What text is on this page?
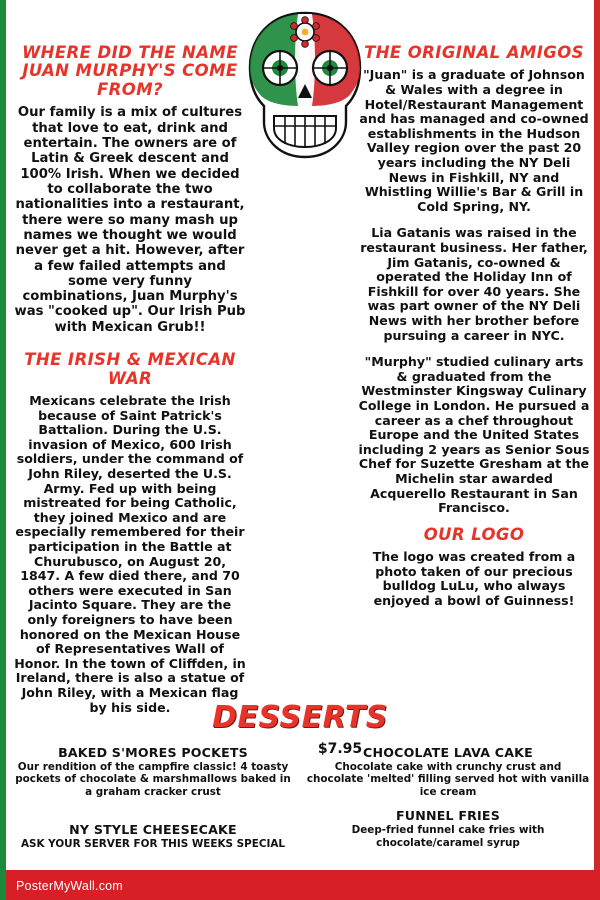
WHERE DID THE NAME JUAN MURPHY'S COME FROM?
Our family is a mix of cultures that love to eat, drink and entertain. The owners are of Latin & Greek descent and 100% Irish. When we decided to collaborate the two nationalities into a restaurant, there were so many mash up names we thought we would never get a hit. However, after a few failed attempts and some very funny combinations, Juan Murphy's was "cooked up". Our Irish Pub with Mexican Grub!!
THE IRISH & MEXICAN WAR
Mexicans celebrate the Irish because of Saint Patrick's Battalion. During the U.S. invasion of Mexico, 600 Irish soldiers, under the command of John Riley, deserted the U.S. Army. Fed up with being mistreated for being Catholic, they joined Mexico and are especially remembered for their participation in the Battle at Churubusco, on August 20, 1847. A few died there, and 70 others were executed in San Jacinto Square. They are the only foreigners to have been honored on the Mexican House of Representatives Wall of Honor. In the town of Cliffden, in Ireland, there is also a statue of John Riley, with a Mexican flag by his side.
THE ORIGINAL AMIGOS
"Juan" is a graduate of Johnson & Wales with a degree in Hotel/Restaurant Management and has managed and co-owned establishments in the Hudson Valley region over the past 20 years including the NY Deli News in Fishkill, NY and Whistling Willie's Bar & Grill in Cold Spring, NY.
Lia Gatanis was raised in the restaurant business. Her father, Jim Gatanis, co-owned & operated the Holiday Inn of Fishkill for over 40 years. She was part owner of the NY Deli News with her brother before pursuing a career in NYC.
"Murphy" studied culinary arts & graduated from the Westminster Kingsway Culinary College in London. He pursued a career as a chef throughout Europe and the United States including 2 years as Senior Sous Chef for Suzette Gresham at the Michelin star awarded Acquerello Restaurant in San Francisco.
OUR LOGO
The logo was created from a photo taken of our precious bulldog LuLu, who always enjoyed a bowl of Guinness!
DESSERTS
$7.95
BAKED S'MORES POCKETS
Our rendition of the campfire classic! 4 toasty pockets of chocolate & marshmallows baked in a graham cracker crust
NY STYLE CHEESECAKE
ASK YOUR SERVER FOR THIS WEEKS SPECIAL
CHOCOLATE LAVA CAKE
Chocolate cake with crunchy crust and chocolate 'melted' filling served hot with vanilla ice cream
FUNNEL FRIES
Deep-fried funnel cake fries with chocolate/caramel syrup
PosterMyWall.com
